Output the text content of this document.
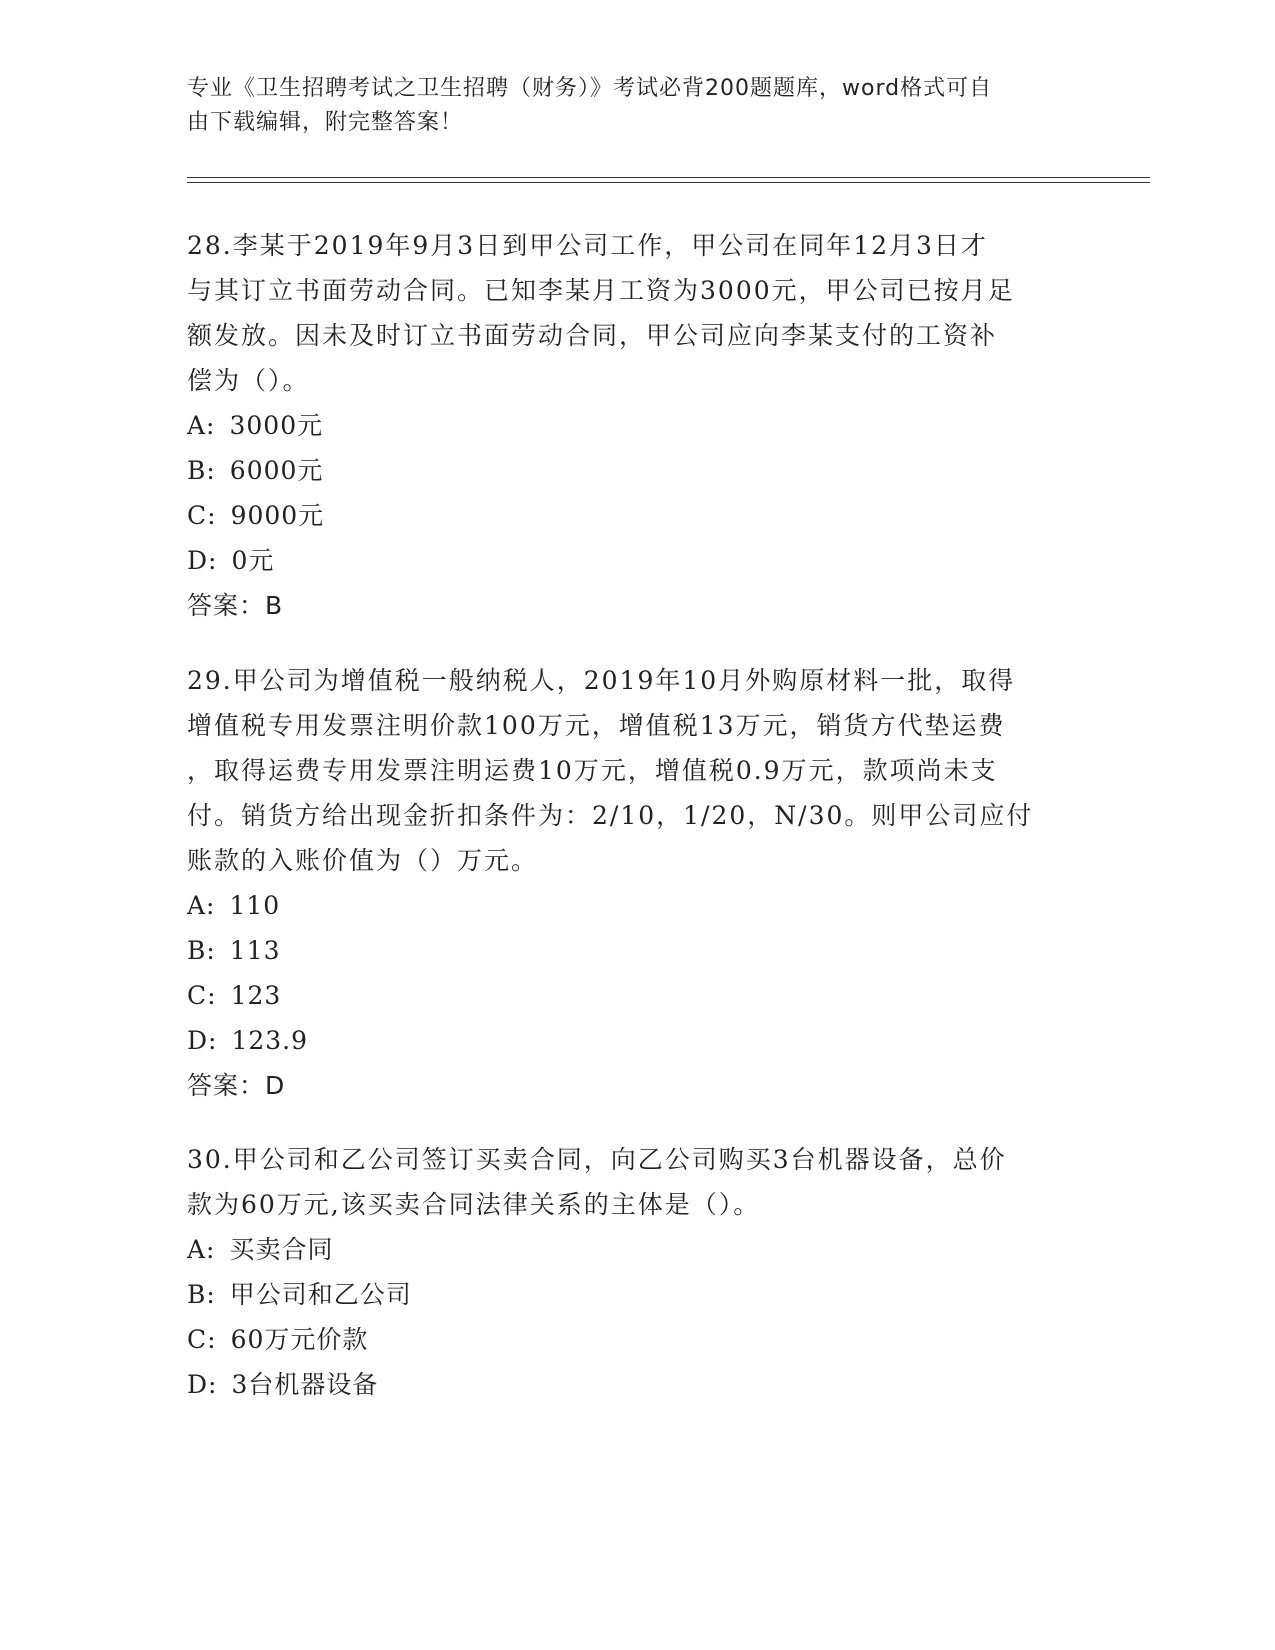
专业《卫生招聘考试之卫生招聘（财务）》考试必背200题题库，word格式可自
由下载编辑，附完整答案！

28.李某于2019年9月3日到甲公司工作，甲公司在同年12月3日才

与其订立书面劳动合同。已知李某月工资为3000元，甲公司已按月足

额发放。因未及时订立书面劳动合同，甲公司应向李某支付的工资补

偿为（）。

A: 3000元

B: 6000元

C: 9000元

D: 0元

答案：B

29.甲公司为增值税一般纳税人，2019年10月外购原材料一批，取得

增值税专用发票注明价款100万元，增值税13万元，销货方代垫运费

，取得运费专用发票注明运费10万元，增值税0.9万元，款项尚未支

付。销货方给出现金折扣条件为：2/10，1/20，N/30。则甲公司应付

账款的入账价值为（）万元。

A: 110

B: 113

C: 123

D: 123.9

答案：D

30.甲公司和乙公司签订买卖合同，向乙公司购买3台机器设备，总价

款为60万元,该买卖合同法律关系的主体是（）。

A: 买卖合同

B: 甲公司和乙公司

C: 60万元价款

D: 3台机器设备
